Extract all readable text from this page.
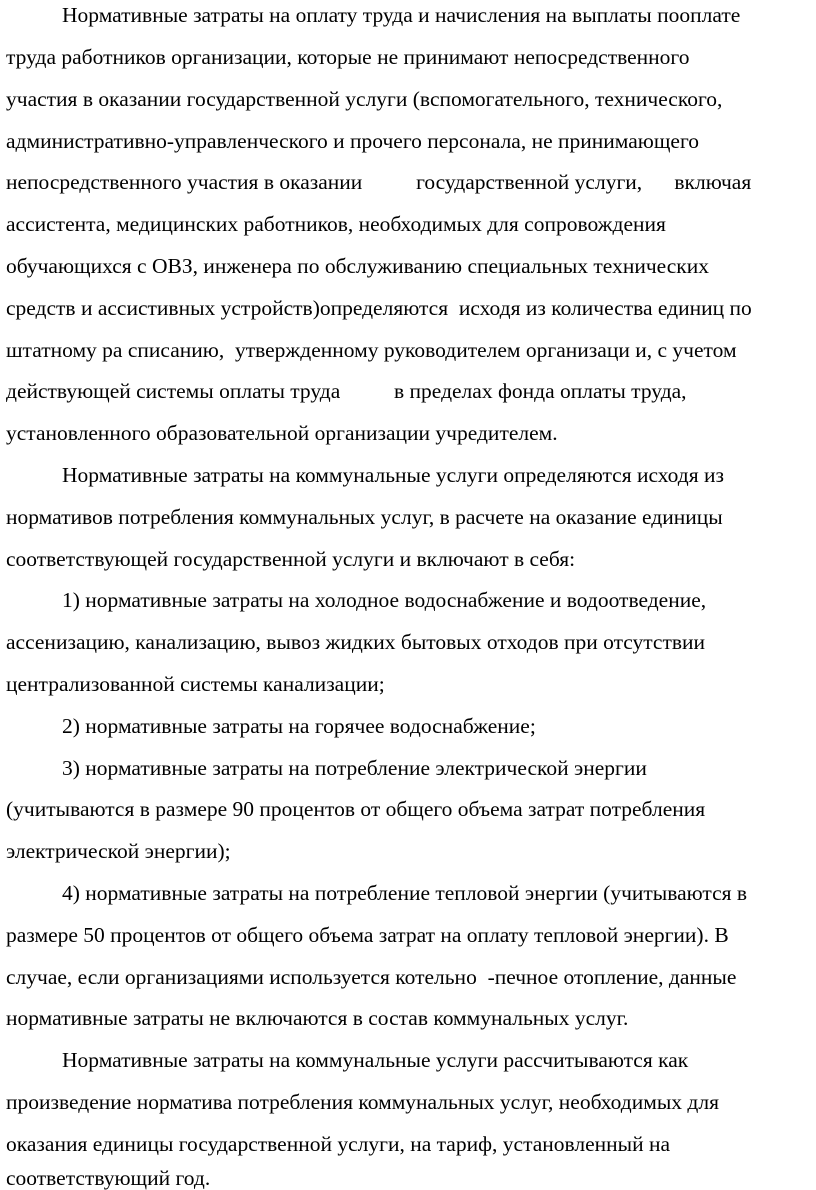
Нормативные затраты на оплату труда и начисления на выплаты пооплате

труда работников организации, которые не принимают непосредственного

участия в оказании государственной услуги (вспомогательного, технического,

административно-управленческого и прочего персонала, не принимающего

непосредственного участия в оказании          государственной услуги,      включая

ассистента, медицинских работников, необходимых для сопровождения

обучающихся с ОВЗ, инженера по обслуживанию специальных технических

средств и ассистивных устройств)определяются  исходя из количества единиц по

штатному ра списанию,  утвержденному руководителем организаци и, с учетом

действующей системы оплаты труда          в пределах фонда оплаты труда,

установленного образовательной организации учредителем.

Нормативные затраты на коммунальные услуги определяются исходя из

нормативов потребления коммунальных услуг, в расчете на оказание единицы

соответствующей государственной услуги и включают в себя:

1) нормативные затраты на холодное водоснабжение и водоотведение,

ассенизацию, канализацию, вывоз жидких бытовых отходов при отсутствии

централизованной системы канализации;

2) нормативные затраты на горячее водоснабжение;

3) нормативные затраты на потребление электрической энергии

(учитываются в размере 90 процентов от общего объема затрат потребления

электрической энергии);

4) нормативные затраты на потребление тепловой энергии (учитываются в

размере 50 процентов от общего объема затрат на оплату тепловой энергии). В

случае, если организациями используется котельно  -печное отопление, данные

нормативные затраты не включаются в состав коммунальных услуг.

Нормативные затраты на коммунальные услуги рассчитываются как

произведение норматива потребления коммунальных услуг, необходимых для

оказания единицы государственной услуги, на тариф, установленный на

соответствующий год.
